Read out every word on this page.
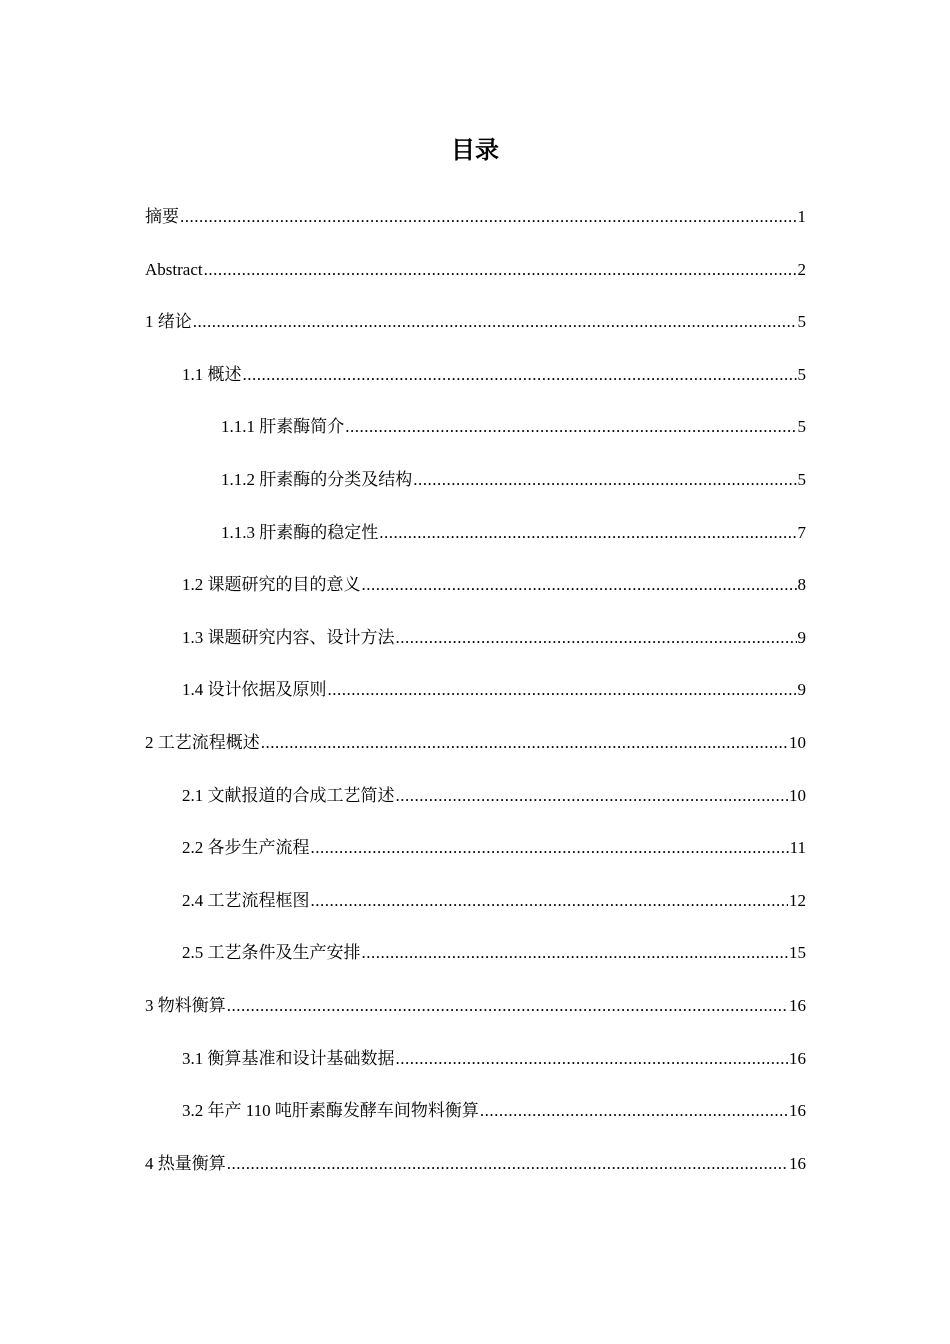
目录
摘要 .....	1
Abstract .....	2
1 绪论 .....	5
1.1 概述 .....	5
1.1.1 肝素酶简介 .....	5
1.1.2 肝素酶的分类及结构 .....	5
1.1.3 肝素酶的稳定性 .....	7
1.2 课题研究的目的意义 .....	8
1.3 课题研究内容、设计方法 .....	9
1.4 设计依据及原则 .....	9
2 工艺流程概述 .....	10
2.1 文献报道的合成工艺简述 .....	10
2.2 各步生产流程 .....	11
2.4 工艺流程框图 .....	12
2.5 工艺条件及生产安排 .....	15
3 物料衡算 .....	16
3.1 衡算基准和设计基础数据 .....	16
3.2 年产 110 吨肝素酶发酵车间物料衡算 .....	16
4 热量衡算 .....	16
